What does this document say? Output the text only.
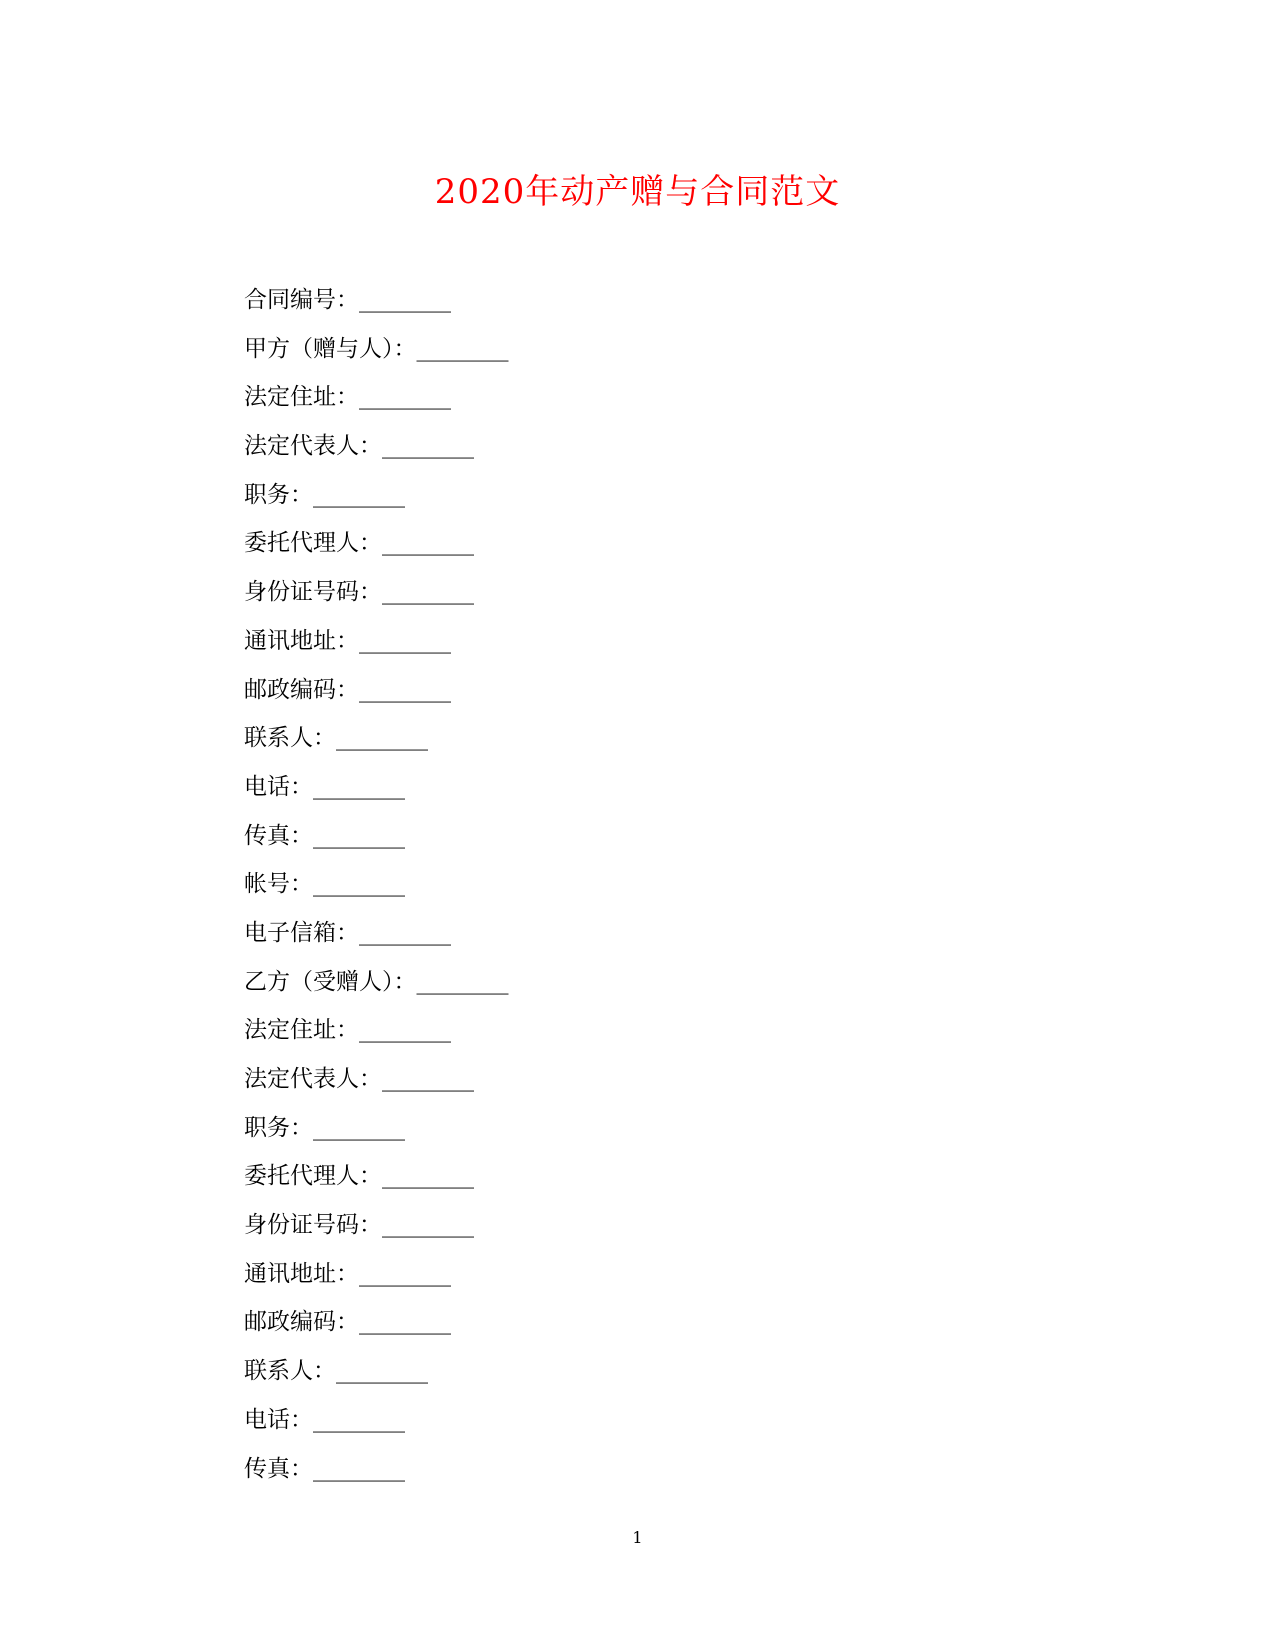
2020年动产赠与合同范文
合同编号：________
甲方（赠与人）：________
法定住址：________
法定代表人：________
职务：________
委托代理人：________
身份证号码：________
通讯地址：________
邮政编码：________
联系人：________
电话：________
传真：________
帐号：________
电子信箱：________
乙方（受赠人）：________
法定住址：________
法定代表人：________
职务：________
委托代理人：________
身份证号码：________
通讯地址：________
邮政编码：________
联系人：________
电话：________
传真：________
1
